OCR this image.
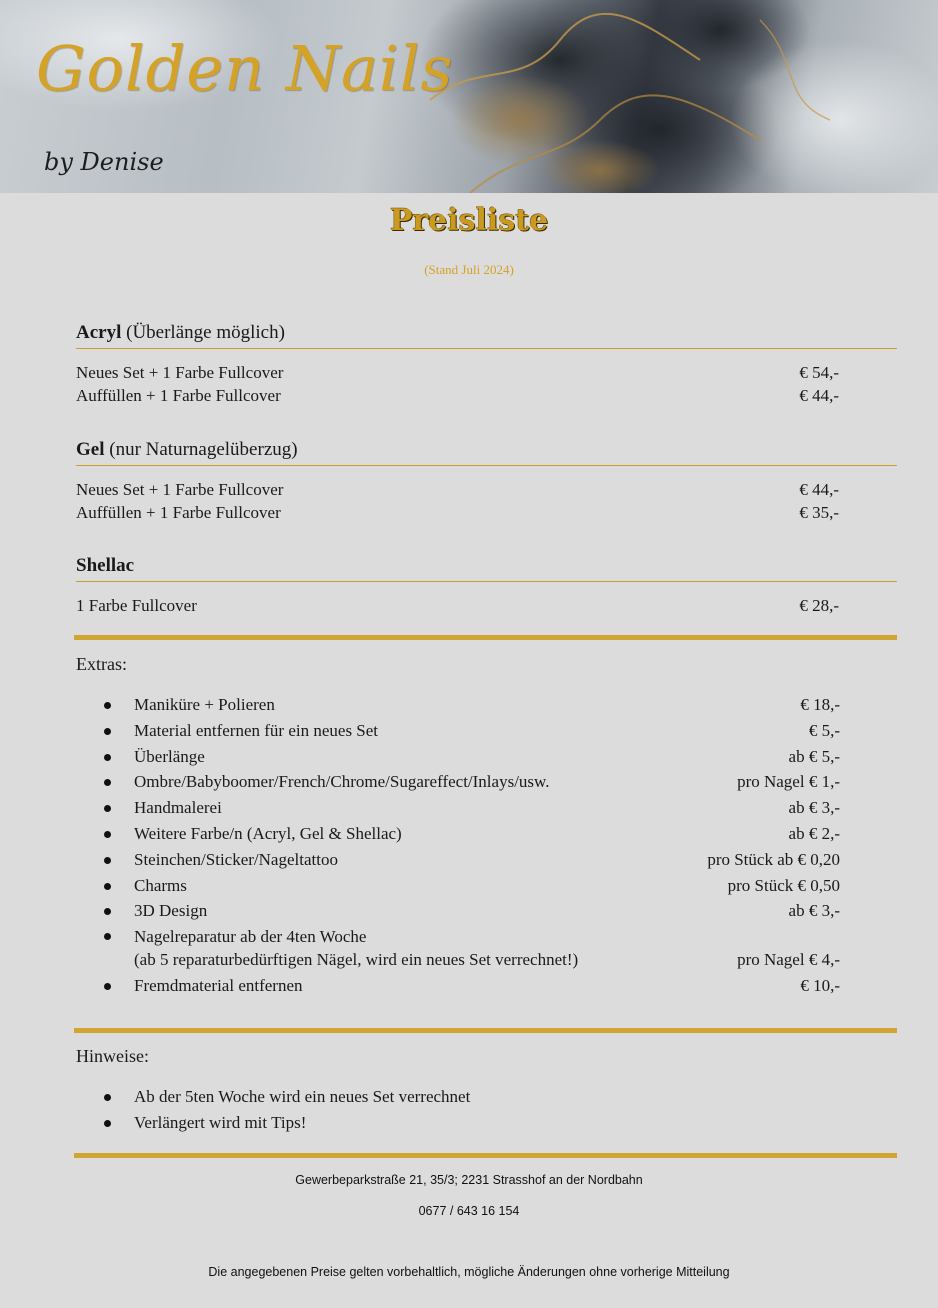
Golden Nails
by Denise
Preisliste
(Stand Juli 2024)
Acryl (Überlänge möglich)
Neues Set + 1 Farbe Fullcover	€ 54,-
Auffüllen + 1 Farbe Fullcover	€ 44,-
Gel (nur Naturnagelüberzug)
Neues Set + 1 Farbe Fullcover	€ 44,-
Auffüllen + 1 Farbe Fullcover	€ 35,-
Shellac
1 Farbe Fullcover	€ 28,-
Extras:
Maniküre + Polieren	€ 18,-
Material entfernen für ein neues Set	€ 5,-
Überlänge	ab € 5,-
Ombre/Babyboomer/French/Chrome/Sugareffect/Inlays/usw.	pro Nagel € 1,-
Handmalerei	ab € 3,-
Weitere Farbe/n (Acryl, Gel & Shellac)	ab € 2,-
Steinchen/Sticker/Nageltattoo	pro Stück ab € 0,20
Charms	pro Stück € 0,50
3D Design	ab € 3,-
Nagelreparatur ab der 4ten Woche
(ab 5 reparaturbedürftigen Nägel, wird ein neues Set verrechnet!)	pro Nagel € 4,-
Fremdmaterial entfernen	€ 10,-
Hinweise:
Ab der 5ten Woche wird ein neues Set verrechnet
Verlängert wird mit Tips!
Gewerbeparkstraße 21, 35/3; 2231 Strasshof an der Nordbahn
0677 / 643 16 154
Die angegebenen Preise gelten vorbehaltlich, mögliche Änderungen ohne vorherige Mitteilung
